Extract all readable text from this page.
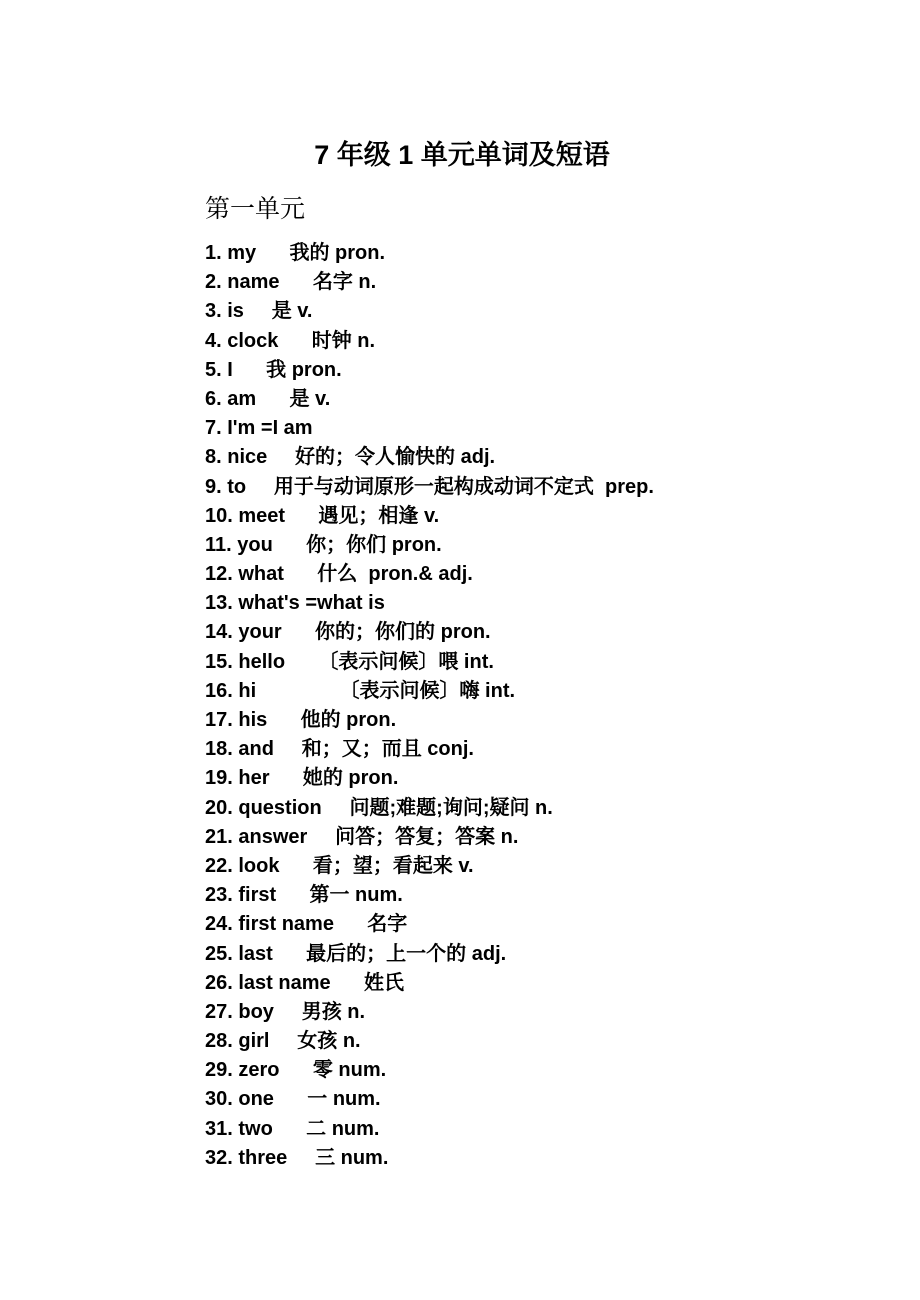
7 年级 1 单元单词及短语
第一单元
1. my 我的 pron.
2. name 名字 n.
3. is 是 v.
4. clock 时钟 n.
5. I 我 pron.
6. am 是 v.
7. I'm =I am
8. nice 好的；令人愉快的 adj.
9. to 用于与动词原形一起构成动词不定式  prep.
10. meet 遇见；相逢 v.
11. you 你；你们 pron.
12. what 什么  pron.& adj.
13. what's =what is
14. your 你的；你们的 pron.
15. hello 〔表示问候〕喂 int.
16. hi	〔表示问候〕嗨 int.
17. his 他的 pron.
18. and 和；又；而且 conj.
19. her 她的 pron.
20. question 问题;难题;询问;疑问 n.
21. answer 问答；答复；答案 n.
22. look 看；望；看起来 v.
23. first 第一 num.
24. first name 名字
25. last 最后的；上一个的 adj.
26. last name 姓氏
27. boy 男孩 n.
28. girl 女孩 n.
29. zero 零 num.
30. one 一 num.
31. two 二 num.
32. three 三 num.
